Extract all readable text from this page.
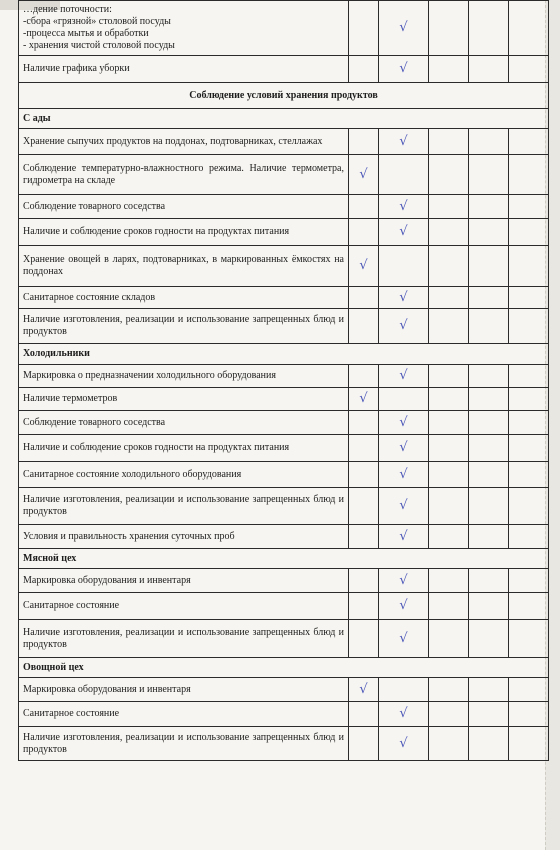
…дение поточности:
-сбора «грязной» столовой посуды
-процесса мытья и обработки
- хранения чистой столовой посуды		√			
Наличие графика уборки		√			
Соблюдение условий хранения продуктов					
С ады					
Хранение сыпучих продуктов на поддонах, подтоварниках, стеллажах		√			
Соблюдение температурно-влажностного режима. Наличие термометра, гидрометра на складе	√				
Соблюдение товарного соседства		√			
Наличие и соблюдение сроков годности на продуктах питания		√			
Хранение овощей в ларях, подтоварниках, в маркированных ёмкостях на поддонах	√				
Санитарное состояние складов		√			
Наличие изготовления, реализации и использование запрещенных блюд и продуктов		√			
Холодильники					
Маркировка о предназначении холодильного оборудования		√			
Наличие термометров	√				
Соблюдение товарного соседства		√			
Наличие и соблюдение сроков годности на продуктах питания		√			
Санитарное состояние холодильного оборудования		√			
Наличие изготовления, реализации и использование запрещенных блюд и продуктов		√			
Условия и правильность хранения суточных проб		√			
Мясной цех					
Маркировка оборудования и инвентаря		√			
Санитарное состояние		√			
Наличие изготовления, реализации и использование запрещенных блюд и продуктов		√			
Овощной цех					
Маркировка оборудования и инвентаря	√				
Санитарное состояние		√			
Наличие изготовления, реализации и использование запрещенных блюд и продуктов		√			
